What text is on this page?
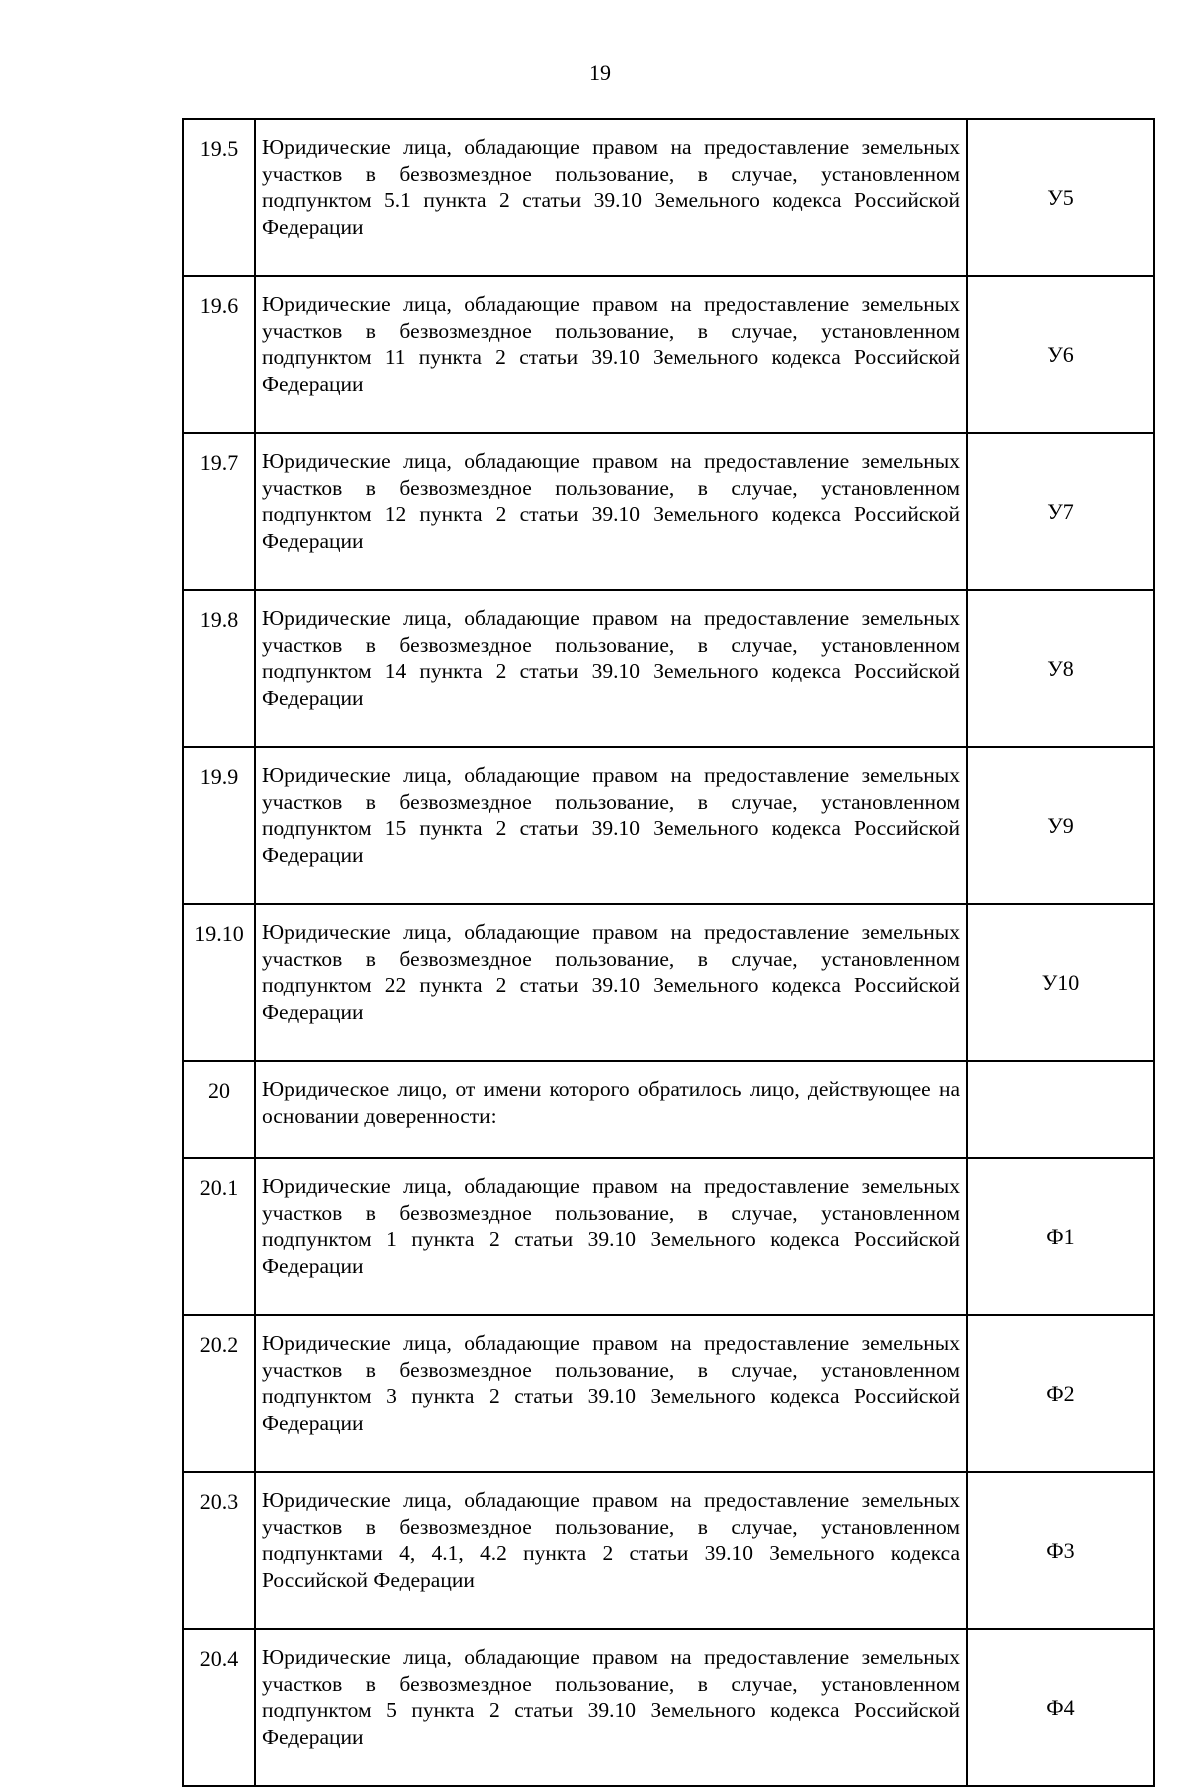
19
19.5	Юридические лица, обладающие правом на предоставление земельных участков в безвозмездное пользование, в случае, установленном подпунктом 5.1 пункта 2 статьи 39.10 Земельного кодекса Российской Федерации	У5
19.6	Юридические лица, обладающие правом на предоставление земельных участков в безвозмездное пользование, в случае, установленном подпунктом 11 пункта 2 статьи 39.10 Земельного кодекса Российской Федерации	У6
19.7	Юридические лица, обладающие правом на предоставление земельных участков в безвозмездное пользование, в случае, установленном подпунктом 12 пункта 2 статьи 39.10 Земельного кодекса Российской Федерации	У7
19.8	Юридические лица, обладающие правом на предоставление земельных участков в безвозмездное пользование, в случае, установленном подпунктом 14 пункта 2 статьи 39.10 Земельного кодекса Российской Федерации	У8
19.9	Юридические лица, обладающие правом на предоставление земельных участков в безвозмездное пользование, в случае, установленном подпунктом 15 пункта 2 статьи 39.10 Земельного кодекса Российской Федерации	У9
19.10	Юридические лица, обладающие правом на предоставление земельных участков в безвозмездное пользование, в случае, установленном подпунктом 22 пункта 2 статьи 39.10 Земельного кодекса Российской Федерации	У10
20	Юридическое лицо, от имени которого обратилось лицо, действующее на основании доверенности:	
20.1	Юридические лица, обладающие правом на предоставление земельных участков в безвозмездное пользование, в случае, установленном подпунктом 1 пункта 2 статьи 39.10 Земельного кодекса Российской Федерации	Ф1
20.2	Юридические лица, обладающие правом на предоставление земельных участков в безвозмездное пользование, в случае, установленном подпунктом 3 пункта 2 статьи 39.10 Земельного кодекса Российской Федерации	Ф2
20.3	Юридические лица, обладающие правом на предоставление земельных участков в безвозмездное пользование, в случае, установленном подпунктами 4, 4.1, 4.2 пункта 2 статьи 39.10 Земельного кодекса Российской Федерации	Ф3
20.4	Юридические лица, обладающие правом на предоставление земельных участков в безвозмездное пользование, в случае, установленном подпунктом 5 пункта 2 статьи 39.10 Земельного кодекса Российской Федерации	Ф4
